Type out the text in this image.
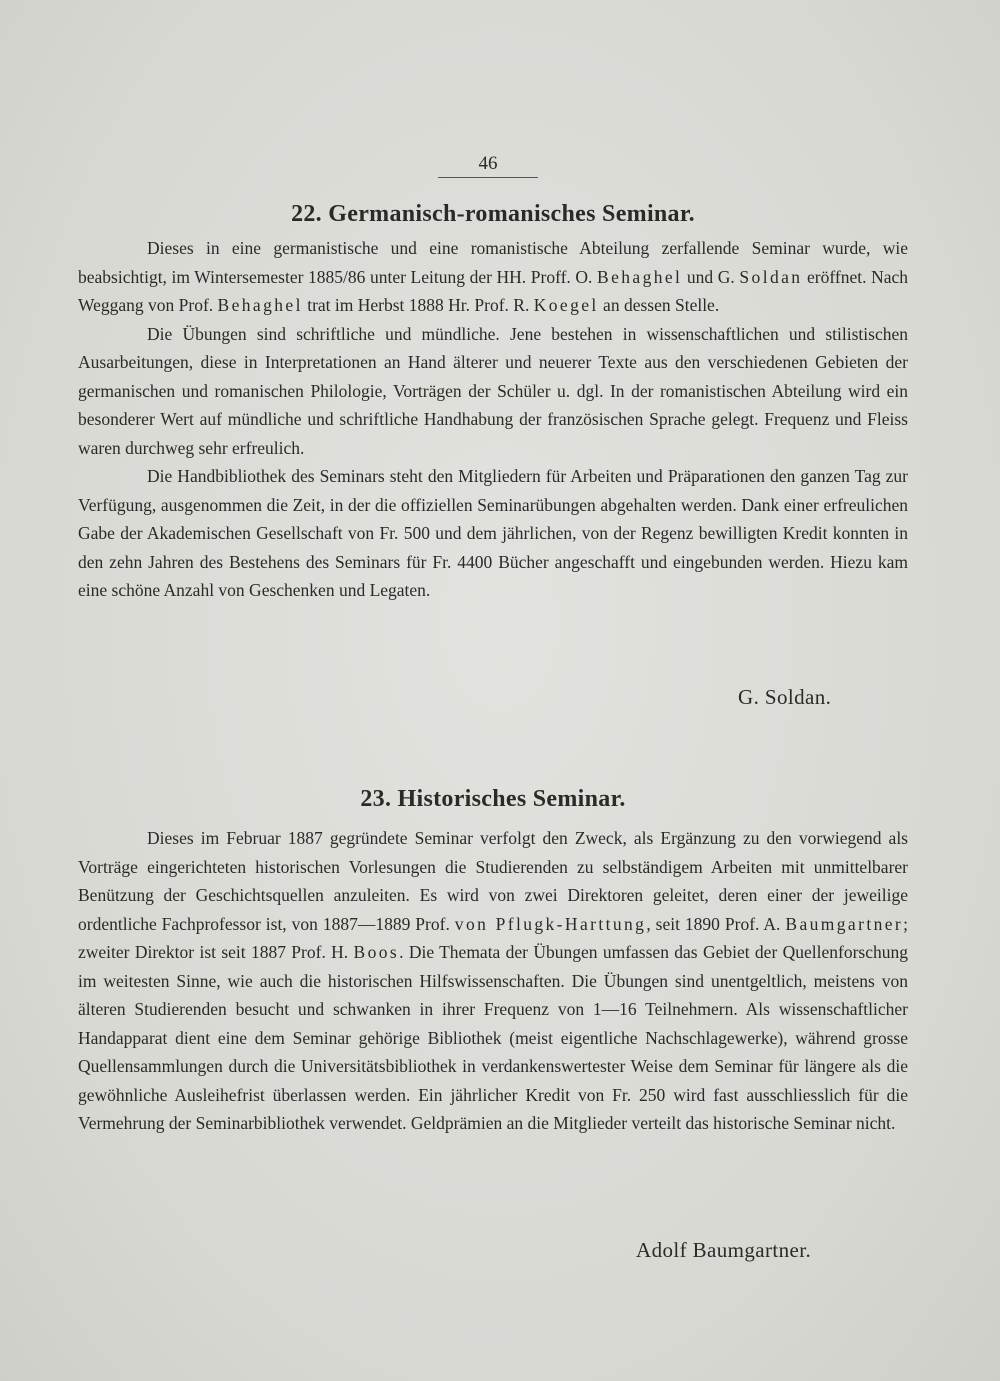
46
22. Germanisch-romanisches Seminar.

Dieses in eine germanistische und eine romanistische Abteilung zerfallende Seminar wurde, wie beabsichtigt, im Wintersemester 1885/86 unter Leitung der HH. Proff. O. Behaghel und G. Soldan eröffnet. Nach Weggang von Prof. Behaghel trat im Herbst 1888 Hr. Prof. R. Koegel an dessen Stelle.

Die Übungen sind schriftliche und mündliche. Jene bestehen in wissenschaftlichen und stilistischen Ausarbeitungen, diese in Interpretationen an Hand älterer und neuerer Texte aus den verschiedenen Gebieten der germanischen und romanischen Philologie, Vorträgen der Schüler u. dgl. In der romanistischen Abteilung wird ein besonderer Wert auf mündliche und schriftliche Handhabung der französischen Sprache gelegt. Frequenz und Fleiss waren durchweg sehr erfreulich.

Die Handbibliothek des Seminars steht den Mitgliedern für Arbeiten und Präparationen den ganzen Tag zur Verfügung, ausgenommen die Zeit, in der die offiziellen Seminarübungen abgehalten werden. Dank einer erfreulichen Gabe der Akademischen Gesellschaft von Fr. 500 und dem jährlichen, von der Regenz bewilligten Kredit konnten in den zehn Jahren des Bestehens des Seminars für Fr. 4400 Bücher angeschafft und eingebunden werden. Hiezu kam eine schöne Anzahl von Geschenken und Legaten.

G. Soldan.
23. Historisches Seminar.

Dieses im Februar 1887 gegründete Seminar verfolgt den Zweck, als Ergänzung zu den vorwiegend als Vorträge eingerichteten historischen Vorlesungen die Studierenden zu selbständigem Arbeiten mit unmittelbarer Benützung der Geschichtsquellen anzuleiten. Es wird von zwei Direktoren geleitet, deren einer der jeweilige ordentliche Fachprofessor ist, von 1887—1889 Prof. von Pflugk-Harttung, seit 1890 Prof. A. Baumgartner; zweiter Direktor ist seit 1887 Prof. H. Boos. Die Themata der Übungen umfassen das Gebiet der Quellenforschung im weitesten Sinne, wie auch die historischen Hilfswissenschaften. Die Übungen sind unentgeltlich, meistens von älteren Studierenden besucht und schwanken in ihrer Frequenz von 1—16 Teilnehmern. Als wissenschaftlicher Handapparat dient eine dem Seminar gehörige Bibliothek (meist eigentliche Nachschlagewerke), während grosse Quellensammlungen durch die Universitätsbibliothek in verdankenswertester Weise dem Seminar für längere als die gewöhnliche Ausleihefrist überlassen werden. Ein jährlicher Kredit von Fr. 250 wird fast ausschliesslich für die Vermehrung der Seminarbibliothek verwendet. Geldprämien an die Mitglieder verteilt das historische Seminar nicht.

Adolf Baumgartner.
